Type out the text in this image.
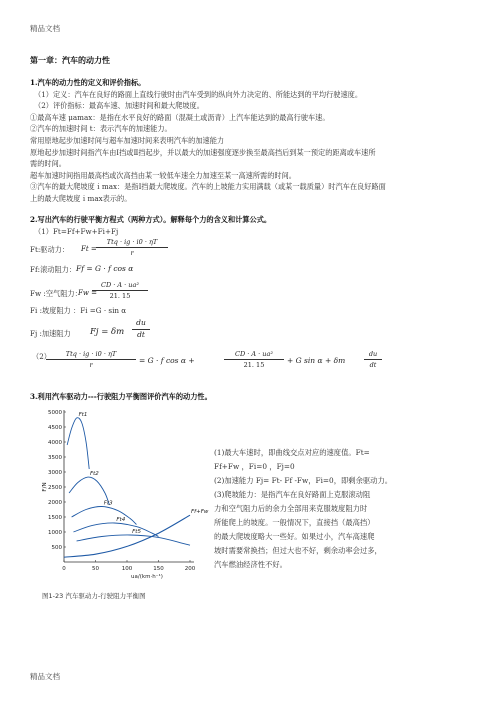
精品文档
第一章：汽车的动力性
1.汽车的动力性的定义和评价指标。
（1）定义：汽车在良好的路面上直线行驶时由汽车受到的纵向外力决定的、所能达到的平均行驶速度。
（2）评价指标：最高车速、加速时间和最大爬坡度。
①最高车速 μamax：是指在水平良好的路面（混凝土或沥青）上汽车能达到的最高行驶车速。
②汽车的加速时间 t：表示汽车的加速能力。
常用原地起步加速时间与超车加速时间来表明汽车的加速能力
原地起步加速时间指汽车由Ⅰ挡或Ⅱ挡起步，并以最大的加速强度逐步换至最高挡后到某一预定的距离或车速所
需的时间。
超车加速时间指用最高档或次高挡由某一较低车速全力加速至某一高速所需的时间。
③汽车的最大爬坡度ｉmax：是指Ⅰ挡最大爬坡度。汽车的上坡能力实用满载（或某一载质量）时汽车在良好路面
上的最大爬坡度ｉmax表示的。
2.写出汽车的行驶平衡方程式（两种方式）。解释每个力的含义和计算公式。
（1）Ft=Ff+Fw+Fi+Fj
Ft:驱动力： Ft =
Ttq · ig · i0 · ηT
r
Ff:滚动阻力： Ff = G · f cos α
Fw :空气阻力：
Fw =
CD · A · ua²
21. 15
Fi :坡度阻力 ：Fi =G · sin α
Fj :加速阻力 Fj = δm
du
dt
（2）	Ttq · ig · i0 · ηT
r	= G · f cos α +
CD · A · ua²
21. 15	+ G sin α + δm
du
dt
3.利用汽车驱动力---行驶阻力平衡图评价汽车的动力性。
0	50	100	150	200
500
1000
1500
2000
2500
3000
3500
4000
4500
5000
F/N
ua/(km·h⁻¹)
Ft1
Ft2
Ft3
Ft4
Ft5
Ff+Fw
图1-23 汽车驱动力-行驶阻力平衡图
(1)最大车速时，即曲线交点对应的速度值。Ft=
Ff+Fw ，Fi=0 ，Fj=0
(2)加速能力 Fj= Ft- Ff -Fw，Fi=0，即剩余驱动力。
(3)爬坡能力：是指汽车在良好路面上克服滚动阻
力和空气阻力后的余力全部用来克服坡度阻力时
所能爬上的坡度。一般情况下，直接挡（最高挡）
的最大爬坡度略大一些好。如果过小，汽车高速爬
坡时需要常换挡；但过大也不好，剩余动率会过多，
汽车燃油经济性不好。
精品文档
